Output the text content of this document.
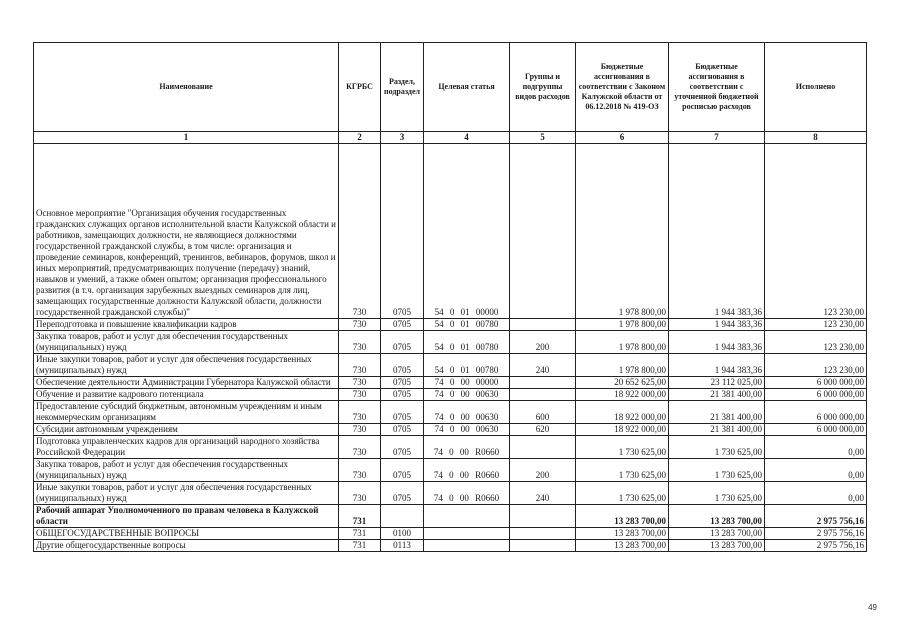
Наименование	КГРБС	Раздел, подраздел	Целевая статья	Группы и подгруппы видов расходов	Бюджетные ассигнования в соответствии с Законом Калужской области от 06.12.2018 № 419-ОЗ	Бюджетные ассигнования в соответствии с уточненной бюджетной росписью расходов	Исполнено
1	2	3	4	5	6	7	8
Основное мероприятие "Организация обучения государственных гражданских служащих органов исполнительной власти Калужской области и работников, замещающих должности, не являющиеся должностями государственной гражданской службы, в том числе: организация и проведение семинаров, конференций, тренингов, вебинаров, форумов, школ и иных мероприятий, предусматривающих получение (передачу) знаний, навыков и умений, а также обмен опытом; организация профессионального развития (в т.ч. организация зарубежных выездных семинаров для лиц, замещающих государственные должности Калужской области, должности государственной гражданской службы)"	730	0705	54 0 01 00000		1 978 800,00	1 944 383,36	123 230,00
Переподготовка и повышение квалификации кадров	730	0705	54 0 01 00780		1 978 800,00	1 944 383,36	123 230,00
Закупка товаров, работ и услуг для обеспечения государственных (муниципальных) нужд	730	0705	54 0 01 00780	200	1 978 800,00	1 944 383,36	123 230,00
Иные закупки товаров, работ и услуг для обеспечения государственных (муниципальных) нужд	730	0705	54 0 01 00780	240	1 978 800,00	1 944 383,36	123 230,00
Обеспечение деятельности Администрации Губернатора Калужской области	730	0705	74 0 00 00000		20 652 625,00	23 112 025,00	6 000 000,00
Обучение и развитие кадрового потенциала	730	0705	74 0 00 00630		18 922 000,00	21 381 400,00	6 000 000,00
Предоставление субсидий бюджетным, автономным учреждениям и иным некоммерческим организациям	730	0705	74 0 00 00630	600	18 922 000,00	21 381 400,00	6 000 000,00
Субсидии автономным учреждениям	730	0705	74 0 00 00630	620	18 922 000,00	21 381 400,00	6 000 000,00
Подготовка управленческих кадров для организаций народного хозяйства Российской Федерации	730	0705	74 0 00 R0660		1 730 625,00	1 730 625,00	0,00
Закупка товаров, работ и услуг для обеспечения государственных (муниципальных) нужд	730	0705	74 0 00 R0660	200	1 730 625,00	1 730 625,00	0,00
Иные закупки товаров, работ и услуг для обеспечения государственных (муниципальных) нужд	730	0705	74 0 00 R0660	240	1 730 625,00	1 730 625,00	0,00
Рабочий аппарат Уполномоченного по правам человека в Калужской области	731				13 283 700,00	13 283 700,00	2 975 756,16
ОБЩЕГОСУДАРСТВЕННЫЕ ВОПРОСЫ	731	0100			13 283 700,00	13 283 700,00	2 975 756,16
Другие общегосударственные вопросы	731	0113			13 283 700,00	13 283 700,00	2 975 756,16
49
